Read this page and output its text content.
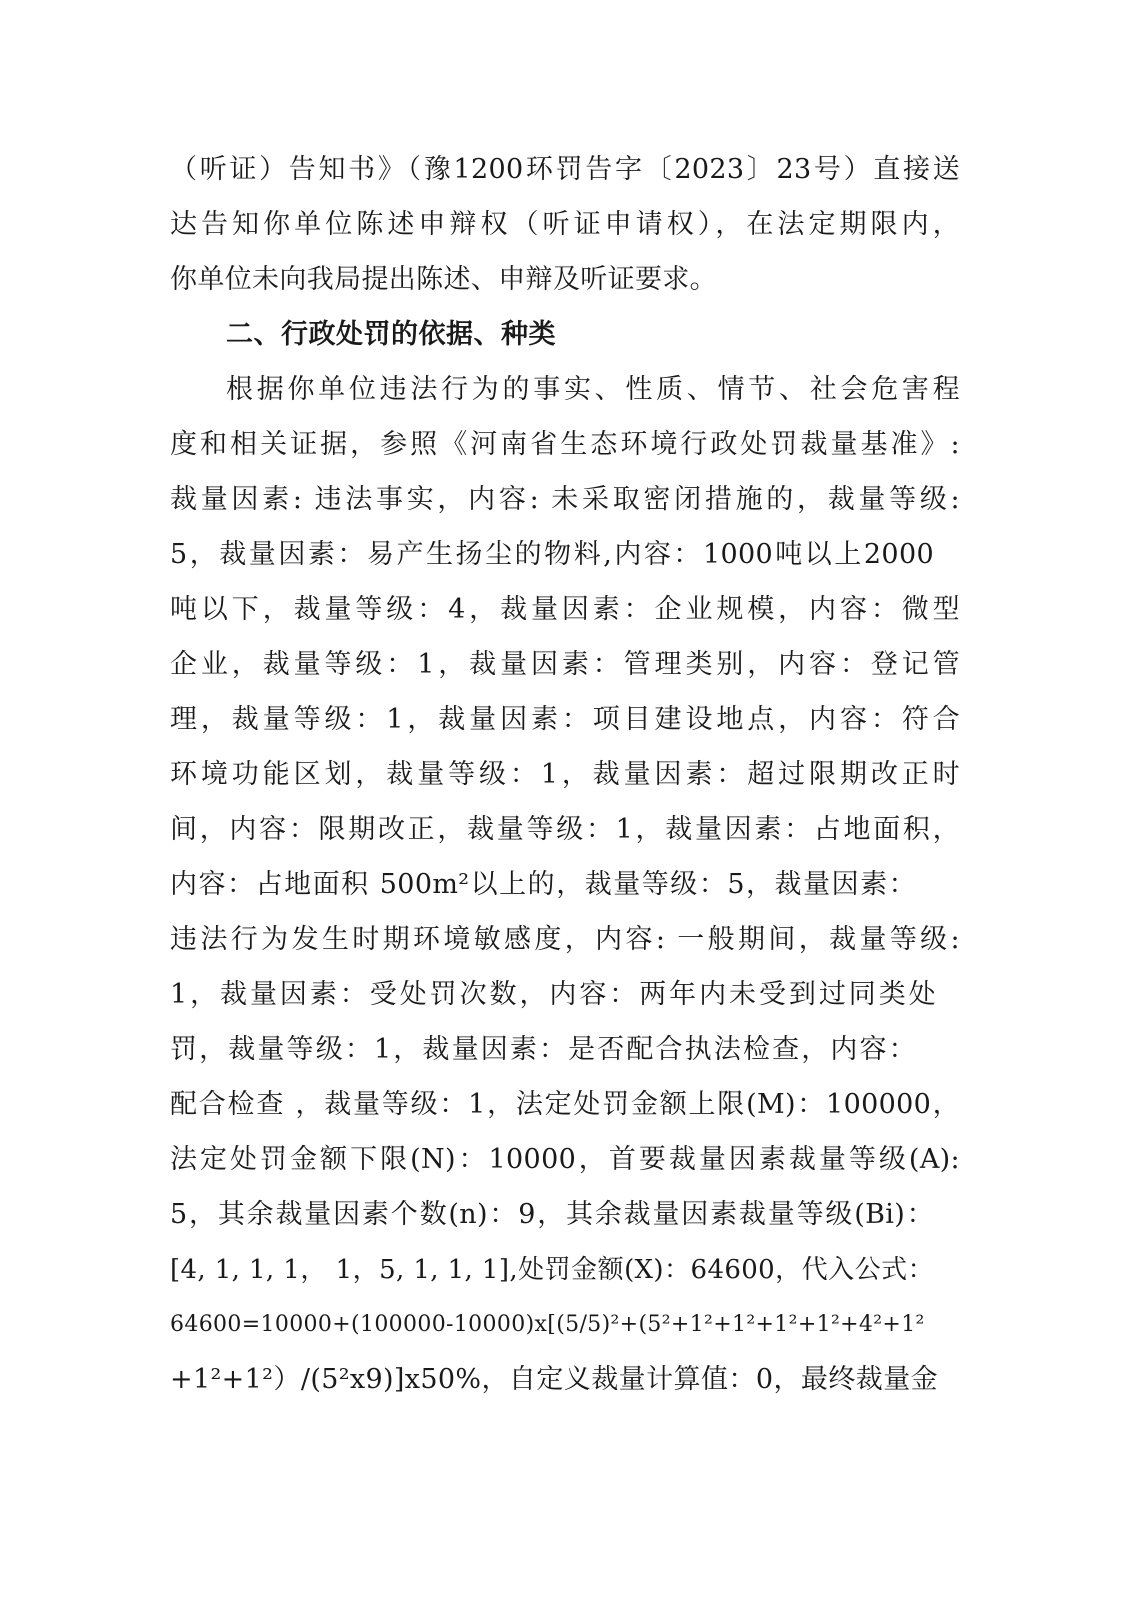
（听证）告知书》（豫1200环罚告字〔2023〕23号）直接送
达告知你单位陈述申辩权（听证申请权），在法定期限内，
你单位未向我局提出陈述、申辩及听证要求。
二、行政处罚的依据、种类
根据你单位违法行为的事实、性质、情节、社会危害程
度和相关证据，参照《河南省生态环境行政处罚裁量基准》:
裁量因素: 违法事实，内容: 未采取密闭措施的，裁量等级:
5，裁量因素：易产生扬尘的物料,内容：1000吨以上2000
吨以下，裁量等级：4，裁量因素：企业规模，内容：微型
企业，裁量等级：1，裁量因素：管理类别，内容：登记管
理，裁量等级：1，裁量因素：项目建设地点，内容：符合
环境功能区划，裁量等级：1，裁量因素：超过限期改正时
间，内容：限期改正，裁量等级：1，裁量因素：占地面积，
内容：占地面积 500m²以上的，裁量等级：5，裁量因素：
违法行为发生时期环境敏感度，内容: 一般期间，裁量等级:
1，裁量因素：受处罚次数，内容：两年内未受到过同类处
罚，裁量等级：1，裁量因素：是否配合执法检查，内容：
配合检查 ，裁量等级：1，法定处罚金额上限(M)：100000，
法定处罚金额下限(N)：10000，首要裁量因素裁量等级(A):
5，其余裁量因素个数(n)：9，其余裁量因素裁量等级(Bi)：
[4, 1, 1, 1， 1，5, 1, 1, 1],处罚金额(X)：64600，代入公式：
64600=10000+(100000-10000)x[(5/5)²+(5²+1²+1²+1²+1²+4²+1²
+1²+1²）/(5²x9)]x50%，自定义裁量计算值：0，最终裁量金
